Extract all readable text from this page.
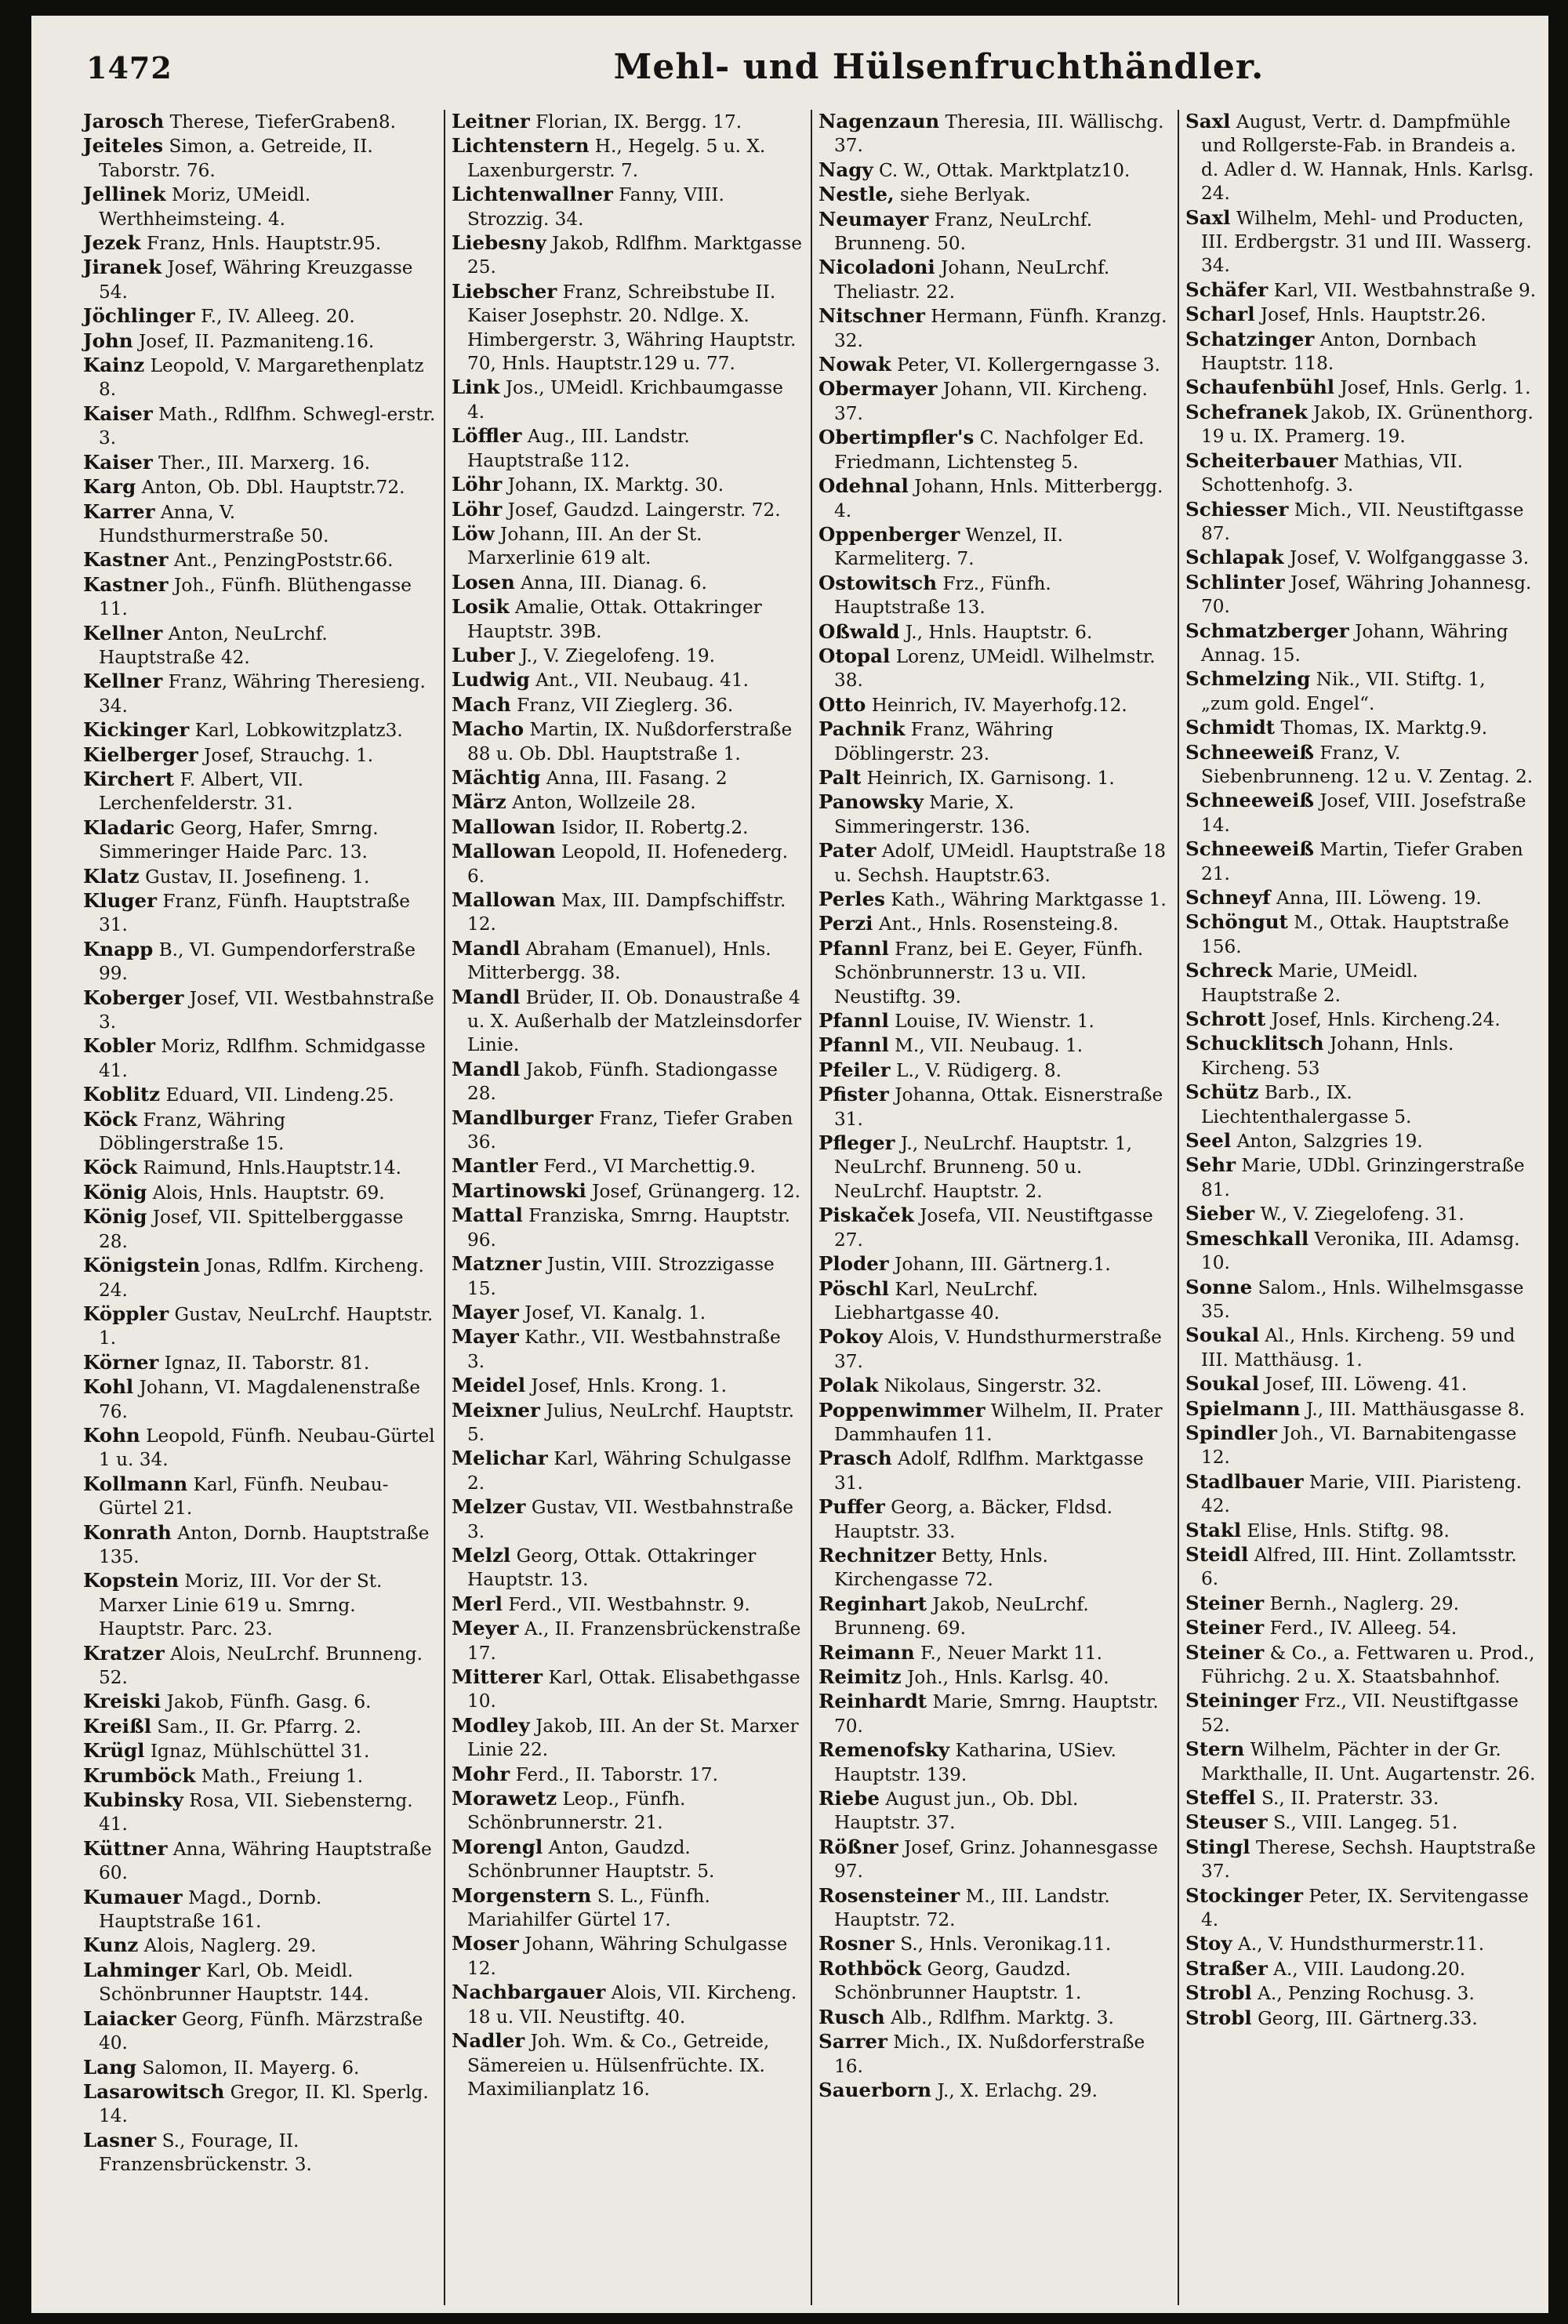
1472	Mehl- und Hülsenfruchthändler.

Jarosch Therese, TieferGraben8.

Jeiteles Simon, a. Getreide, II. Taborstr. 76.

Jellinek Moriz, UMeidl. Werthheimsteing. 4.

Jezek Franz, Hnls. Hauptstr.95.

Jiranek Josef, Währing Kreuzgasse 54.

Jöchlinger F., IV. Alleeg. 20.

John Josef, II. Pazmaniteng.16.

Kainz Leopold, V. Margarethenplatz 8.

Kaiser Math., Rdlfhm. Schwegl-erstr. 3.

Kaiser Ther., III. Marxerg. 16.

Karg Anton, Ob. Dbl. Hauptstr.72.

Karrer Anna, V. Hundsthurmerstraße 50.

Kastner Ant., PenzingPoststr.66.

Kastner Joh., Fünfh. Blüthengasse 11.

Kellner Anton, NeuLrchf. Hauptstraße 42.

Kellner Franz, Währing Theresieng. 34.

Kickinger Karl, Lobkowitzplatz3.

Kielberger Josef, Strauchg. 1.

Kirchert F. Albert, VII. Lerchenfelderstr. 31.

Kladaric Georg, Hafer, Smrng. Simmeringer Haide Parc. 13.

Klatz Gustav, II. Josefineng. 1.

Kluger Franz, Fünfh. Hauptstraße 31.

Knapp B., VI. Gumpendorferstraße 99.

Koberger Josef, VII. Westbahnstraße 3.

Kobler Moriz, Rdlfhm. Schmidgasse 41.

Koblitz Eduard, VII. Lindeng.25.

Köck Franz, Währing Döblingerstraße 15.

Köck Raimund, Hnls.Hauptstr.14.

König Alois, Hnls. Hauptstr. 69.

König Josef, VII. Spittelberggasse 28.

Königstein Jonas, Rdlfm. Kircheng. 24.

Köppler Gustav, NeuLrchf. Hauptstr. 1.

Körner Ignaz, II. Taborstr. 81.

Kohl Johann, VI. Magdalenenstraße 76.

Kohn Leopold, Fünfh. Neubau-Gürtel 1 u. 34.

Kollmann Karl, Fünfh. Neubau-Gürtel 21.

Konrath Anton, Dornb. Hauptstraße 135.

Kopstein Moriz, III. Vor der St. Marxer Linie 619 u. Smrng. Hauptstr. Parc. 23.

Kratzer Alois, NeuLrchf. Brunneng. 52.

Kreiski Jakob, Fünfh. Gasg. 6.

Kreißl Sam., II. Gr. Pfarrg. 2.

Krügl Ignaz, Mühlschüttel 31.

Krumböck Math., Freiung 1.

Kubinsky Rosa, VII. Siebensterng. 41.

Küttner Anna, Währing Hauptstraße 60.

Kumauer Magd., Dornb. Hauptstraße 161.

Kunz Alois, Naglerg. 29.

Lahminger Karl, Ob. Meidl. Schönbrunner Hauptstr. 144.

Laiacker Georg, Fünfh. Märzstraße 40.

Lang Salomon, II. Mayerg. 6.

Lasarowitsch Gregor, II. Kl. Sperlg. 14.

Lasner S., Fourage, II. Franzensbrückenstr. 3.

Leitner Florian, IX. Bergg. 17.

Lichtenstern H., Hegelg. 5 u. X. Laxenburgerstr. 7.

Lichtenwallner Fanny, VIII. Strozzig. 34.

Liebesny Jakob, Rdlfhm. Marktgasse 25.

Liebscher Franz, Schreibstube II. Kaiser Josephstr. 20. Ndlge. X. Himbergerstr. 3, Währing Hauptstr. 70, Hnls. Hauptstr.129 u. 77.

Link Jos., UMeidl. Krichbaumgasse 4.

Löffler Aug., III. Landstr. Hauptstraße 112.

Löhr Johann, IX. Marktg. 30.

Löhr Josef, Gaudzd. Laingerstr. 72.

Löw Johann, III. An der St. Marxerlinie 619 alt.

Losen Anna, III. Dianag. 6.

Losik Amalie, Ottak. Ottakringer Hauptstr. 39B.

Luber J., V. Ziegelofeng. 19.

Ludwig Ant., VII. Neubaug. 41.

Mach Franz, VII Zieglerg. 36.

Macho Martin, IX. Nußdorferstraße 88 u. Ob. Dbl. Hauptstraße 1.

Mächtig Anna, III. Fasang. 2

März Anton, Wollzeile 28.

Mallowan Isidor, II. Robertg.2.

Mallowan Leopold, II. Hofenederg. 6.

Mallowan Max, III. Dampfschiffstr. 12.

Mandl Abraham (Emanuel), Hnls. Mitterbergg. 38.

Mandl Brüder, II. Ob. Donaustraße 4 u. X. Außerhalb der Matzleinsdorfer Linie.

Mandl Jakob, Fünfh. Stadiongasse 28.

Mandlburger Franz, Tiefer Graben 36.

Mantler Ferd., VI Marchettig.9.

Martinowski Josef, Grünangerg. 12.

Mattal Franziska, Smrng. Hauptstr. 96.

Matzner Justin, VIII. Strozzigasse 15.

Mayer Josef, VI. Kanalg. 1.

Mayer Kathr., VII. Westbahnstraße 3.

Meidel Josef, Hnls. Krong. 1.

Meixner Julius, NeuLrchf. Hauptstr. 5.

Melichar Karl, Währing Schulgasse 2.

Melzer Gustav, VII. Westbahnstraße 3.

Melzl Georg, Ottak. Ottakringer Hauptstr. 13.

Merl Ferd., VII. Westbahnstr. 9.

Meyer A., II. Franzensbrückenstraße 17.

Mitterer Karl, Ottak. Elisabethgasse 10.

Modley Jakob, III. An der St. Marxer Linie 22.

Mohr Ferd., II. Taborstr. 17.

Morawetz Leop., Fünfh. Schönbrunnerstr. 21.

Morengl Anton, Gaudzd. Schönbrunner Hauptstr. 5.

Morgenstern S. L., Fünfh. Mariahilfer Gürtel 17.

Moser Johann, Währing Schulgasse 12.

Nachbargauer Alois, VII. Kircheng. 18 u. VII. Neustiftg. 40.

Nadler Joh. Wm. & Co., Getreide, Sämereien u. Hülsenfrüchte. IX. Maximilianplatz 16.

Nagenzaun Theresia, III. Wällischg. 37.

Nagy C. W., Ottak. Marktplatz10.

Nestle, siehe Berlyak.

Neumayer Franz, NeuLrchf. Brunneng. 50.

Nicoladoni Johann, NeuLrchf. Theliastr. 22.

Nitschner Hermann, Fünfh. Kranzg. 32.

Nowak Peter, VI. Kollergerngasse 3.

Obermayer Johann, VII. Kircheng. 37.

Obertimpfler's C. Nachfolger Ed. Friedmann, Lichtensteg 5.

Odehnal Johann, Hnls. Mitterbergg. 4.

Oppenberger Wenzel, II. Karmeliterg. 7.

Ostowitsch Frz., Fünfh. Hauptstraße 13.

Oßwald J., Hnls. Hauptstr. 6.

Otopal Lorenz, UMeidl. Wilhelmstr. 38.

Otto Heinrich, IV. Mayerhofg.12.

Pachnik Franz, Währing Döblingerstr. 23.

Palt Heinrich, IX. Garnisong. 1.

Panowsky Marie, X. Simmeringerstr. 136.

Pater Adolf, UMeidl. Hauptstraße 18 u. Sechsh. Hauptstr.63.

Perles Kath., Währing Marktgasse 1.

Perzi Ant., Hnls. Rosensteing.8.

Pfannl Franz, bei E. Geyer, Fünfh. Schönbrunnerstr. 13 u. VII. Neustiftg. 39.

Pfannl Louise, IV. Wienstr. 1.

Pfannl M., VII. Neubaug. 1.

Pfeiler L., V. Rüdigerg. 8.

Pfister Johanna, Ottak. Eisnerstraße 31.

Pfleger J., NeuLrchf. Hauptstr. 1, NeuLrchf. Brunneng. 50 u. NeuLrchf. Hauptstr. 2.

Piskaček Josefa, VII. Neustiftgasse 27.

Ploder Johann, III. Gärtnerg.1.

Pöschl Karl, NeuLrchf. Liebhartgasse 40.

Pokoy Alois, V. Hundsthurmerstraße 37.

Polak Nikolaus, Singerstr. 32.

Poppenwimmer Wilhelm, II. Prater Dammhaufen 11.

Prasch Adolf, Rdlfhm. Marktgasse 31.

Puffer Georg, a. Bäcker, Fldsd. Hauptstr. 33.

Rechnitzer Betty, Hnls. Kirchengasse 72.

Reginhart Jakob, NeuLrchf. Brunneng. 69.

Reimann F., Neuer Markt 11.

Reimitz Joh., Hnls. Karlsg. 40.

Reinhardt Marie, Smrng. Hauptstr. 70.

Remenofsky Katharina, USiev. Hauptstr. 139.

Riebe August jun., Ob. Dbl. Hauptstr. 37.

Rößner Josef, Grinz. Johannesgasse 97.

Rosensteiner M., III. Landstr. Hauptstr. 72.

Rosner S., Hnls. Veronikag.11.

Rothböck Georg, Gaudzd. Schönbrunner Hauptstr. 1.

Rusch Alb., Rdlfhm. Marktg. 3.

Sarrer Mich., IX. Nußdorferstraße 16.

Sauerborn J., X. Erlachg. 29.

Saxl August, Vertr. d. Dampfmühle und Rollgerste-Fab. in Brandeis a. d. Adler d. W. Hannak, Hnls. Karlsg. 24.

Saxl Wilhelm, Mehl- und Producten, III. Erdbergstr. 31 und III. Wasserg. 34.

Schäfer Karl, VII. Westbahnstraße 9.

Scharl Josef, Hnls. Hauptstr.26.

Schatzinger Anton, Dornbach Hauptstr. 118.

Schaufenbühl Josef, Hnls. Gerlg. 1.

Schefranek Jakob, IX. Grünenthorg. 19 u. IX. Pramerg. 19.

Scheiterbauer Mathias, VII. Schottenhofg. 3.

Schiesser Mich., VII. Neustiftgasse 87.

Schlapak Josef, V. Wolfganggasse 3.

Schlinter Josef, Währing Johannesg. 70.

Schmatzberger Johann, Währing Annag. 15.

Schmelzing Nik., VII. Stiftg. 1, „zum gold. Engel“.

Schmidt Thomas, IX. Marktg.9.

Schneeweiß Franz, V. Siebenbrunneng. 12 u. V. Zentag. 2.

Schneeweiß Josef, VIII. Josefstraße 14.

Schneeweiß Martin, Tiefer Graben 21.

Schneyf Anna, III. Löweng. 19.

Schöngut M., Ottak. Hauptstraße 156.

Schreck Marie, UMeidl. Hauptstraße 2.

Schrott Josef, Hnls. Kircheng.24.

Schucklitsch Johann, Hnls. Kircheng. 53

Schütz Barb., IX. Liechtenthalergasse 5.

Seel Anton, Salzgries 19.

Sehr Marie, UDbl. Grinzingerstraße 81.

Sieber W., V. Ziegelofeng. 31.

Smeschkall Veronika, III. Adamsg. 10.

Sonne Salom., Hnls. Wilhelmsgasse 35.

Soukal Al., Hnls. Kircheng. 59 und III. Matthäusg. 1.

Soukal Josef, III. Löweng. 41.

Spielmann J., III. Matthäusgasse 8.

Spindler Joh., VI. Barnabitengasse 12.

Stadlbauer Marie, VIII. Piaristeng. 42.

Stakl Elise, Hnls. Stiftg. 98.

Steidl Alfred, III. Hint. Zollamtsstr. 6.

Steiner Bernh., Naglerg. 29.

Steiner Ferd., IV. Alleeg. 54.

Steiner & Co., a. Fettwaren u. Prod., Führichg. 2 u. X. Staatsbahnhof.

Steininger Frz., VII. Neustiftgasse 52.

Stern Wilhelm, Pächter in der Gr. Markthalle, II. Unt. Augartenstr. 26.

Steffel S., II. Praterstr. 33.

Steuser S., VIII. Langeg. 51.

Stingl Therese, Sechsh. Hauptstraße 37.

Stockinger Peter, IX. Servitengasse 4.

Stoy A., V. Hundsthurmerstr.11.

Straßer A., VIII. Laudong.20.

Strobl A., Penzing Rochusg. 3.

Strobl Georg, III. Gärtnerg.33.
